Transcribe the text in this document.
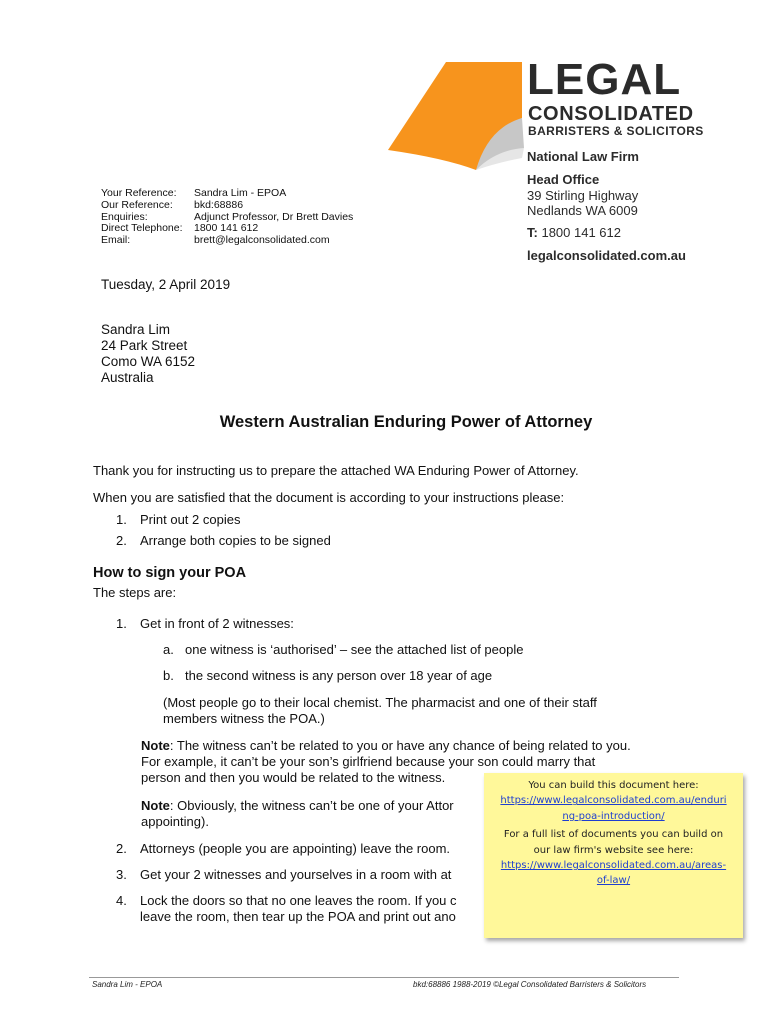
LEGAL
CONSOLIDATED
BARRISTERS & SOLICITORS
National Law Firm
Head Office
39 Stirling Highway
Nedlands WA 6009
T: 1800 141 612
legalconsolidated.com.au
Your Reference:
Our Reference:
Enquiries:
Direct Telephone:
Email:
Sandra Lim - EPOA
bkd:68886
Adjunct Professor, Dr Brett Davies
1800 141 612
brett@legalconsolidated.com
Tuesday, 2 April 2019
Sandra Lim
24 Park Street
Como WA 6152
Australia
Western Australian Enduring Power of Attorney
Thank you for instructing us to prepare the attached WA Enduring Power of Attorney.
When you are satisfied that the document is according to your instructions please:
1. Print out 2 copies
2. Arrange both copies to be signed
How to sign your POA
The steps are:
1. Get in front of 2 witnesses:
a. one witness is ‘authorised’ – see the attached list of people
b. the second witness is any person over 18 year of age
(Most people go to their local chemist. The pharmacist and one of their staff
members witness the POA.)
Note: The witness can’t be related to you or have any chance of being related to you.
For example, it can’t be your son’s girlfriend because your son could marry that
person and then you would be related to the witness.
Note: Obviously, the witness can’t be one of your Attor
appointing).
2. Attorneys (people you are appointing) leave the room.
3. Get your 2 witnesses and yourselves in a room with at
4. Lock the doors so that no one leaves the room. If you c
leave the room, then tear up the POA and print out ano
You can build this document here:
https://www.legalconsolidated.com.au/enduri
ng-poa-introduction/
For a full list of documents you can build on
our law firm's website see here:
https://www.legalconsolidated.com.au/areas-
of-law/
Sandra Lim - EPOA	bkd:68886 1988-2019 ©Legal Consolidated Barristers & Solicitors
